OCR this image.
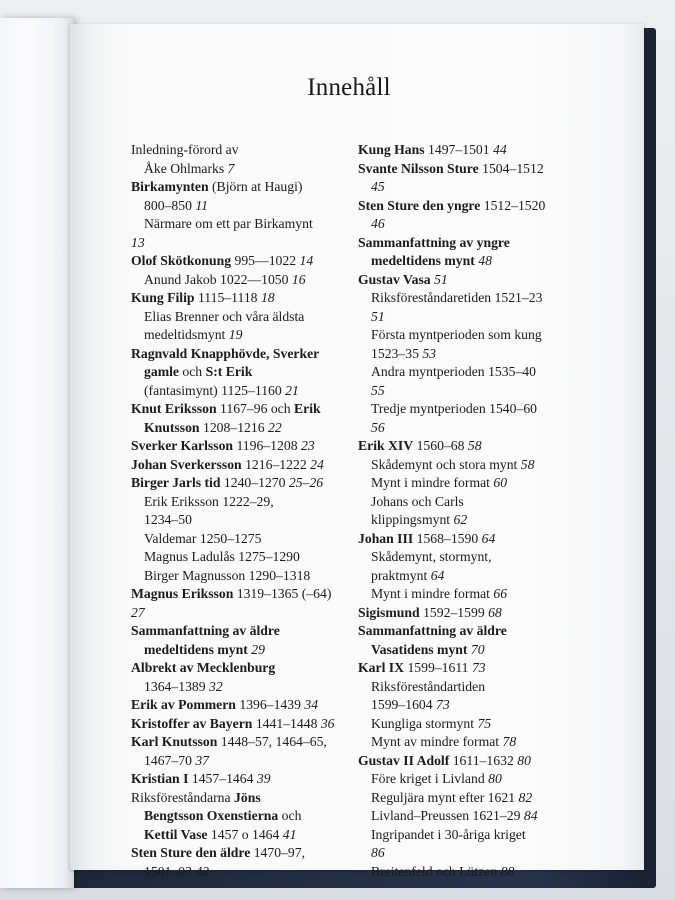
Innehåll
Inledning-förord av
Åke Ohlmarks 7
Birkamynten (Björn at Haugi)
800–850 11
Närmare om ett par Birkamynt
13
Olof Skötkonung 995—1022 14
Anund Jakob 1022—1050 16
Kung Filip 1115–1118 18
Elias Brenner och våra äldsta
medeltidsmynt 19
Ragnvald Knapphövde, Sverker
gamle och S:t Erik
(fantasimynt) 1125–1160 21
Knut Eriksson 1167–96 och Erik
Knutsson 1208–1216 22
Sverker Karlsson 1196–1208 23
Johan Sverkersson 1216–1222 24
Birger Jarls tid 1240–1270 25–26
Erik Eriksson 1222–29,
1234–50
Valdemar 1250–1275
Magnus Ladulås 1275–1290
Birger Magnusson 1290–1318
Magnus Eriksson 1319–1365 (–64)
27
Sammanfattning av äldre
medeltidens mynt 29
Albrekt av Mecklenburg
1364–1389 32
Erik av Pommern 1396–1439 34
Kristoffer av Bayern 1441–1448 36
Karl Knutsson 1448–57, 1464–65,
1467–70 37
Kristian I 1457–1464 39
Riksföreståndarna Jöns
Bengtsson Oxenstierna och
Kettil Vase 1457 o 1464 41
Sten Sture den äldre 1470–97,
1501–03 42
Kung Hans 1497–1501 44
Svante Nilsson Sture 1504–1512
45
Sten Sture den yngre 1512–1520
46
Sammanfattning av yngre
medeltidens mynt 48
Gustav Vasa 51
Riksföreståndaretiden 1521–23
51
Första myntperioden som kung
1523–35 53
Andra myntperioden 1535–40
55
Tredje myntperioden 1540–60
56
Erik XIV 1560–68 58
Skådemynt och stora mynt 58
Mynt i mindre format 60
Johans och Carls
klippingsmynt 62
Johan III 1568–1590 64
Skådemynt, stormynt,
praktmynt 64
Mynt i mindre format 66
Sigismund 1592–1599 68
Sammanfattning av äldre
Vasatidens mynt 70
Karl IX 1599–1611 73
Riksföreståndartiden
1599–1604 73
Kungliga stormynt 75
Mynt av mindre format 78
Gustav II Adolf 1611–1632 80
Före kriget i Livland 80
Reguljära mynt efter 1621 82
Livland–Preussen 1621–29 84
Ingripandet i 30-åriga kriget
86
Breitenfeld och Lützen 88
